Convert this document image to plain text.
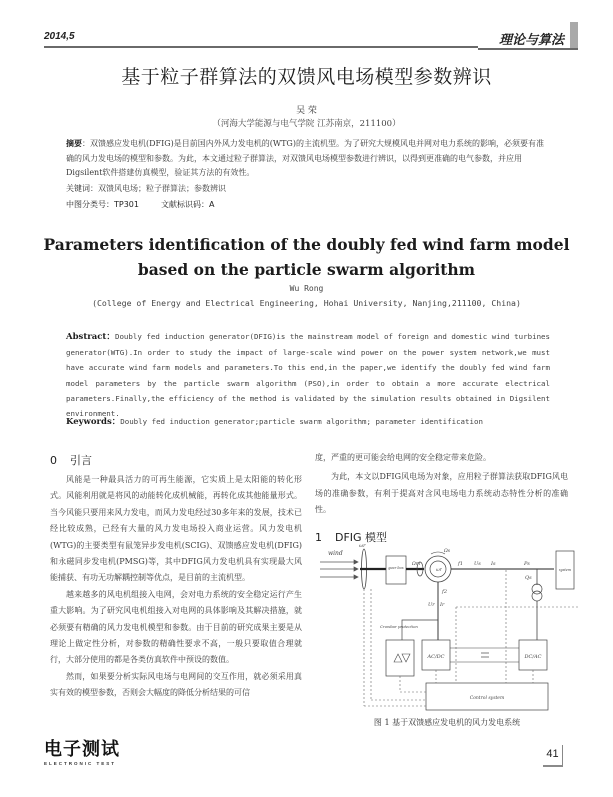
2014,5	理论与算法
基于粒子群算法的双馈风电场模型参数辨识
吴 荣
（河海大学能源与电气学院 江苏南京，211100）
摘要：双馈感应发电机(DFIG)是目前国内外风力发电机的(WTG)的主流机型。为了研究大规模风电并网对电力系统的影响，必须要有准确的风力发电场的模型和参数。为此，本文通过粒子群算法，对双馈风电场模型参数进行辨识，以得到更准确的电气参数，并应用Digsilent软件搭建仿真模型，验证其方法的有效性。
关键词：双馈风电场；粒子群算法；参数辨识
中图分类号：TP301	文献标识码：A
Parameters identification of the doubly fed wind farm model
based on the particle swarm algorithm
Wu Rong
(College of Energy and Electrical Engineering, Hohai University, Nanjing,211100, China)
Abstract：Doubly fed induction generator(DFIG)is the mainstream model of foreign and domestic wind turbines generator(WTG).In order to study the impact of large-scale wind power on the power system network,we must have accurate wind farm models and parameters.To this end,in the paper,we identify the doubly fed wind farm model parameters by the particle swarm algorithm (PSO),in order to obtain a more accurate electrical parameters.Finally,the efficiency of the method is validated by the simulation results obtained in Digsilent environment.
Keywords：Doubly fed induction generator;particle swarm algorithm; parameter identification
0 引言

风能是一种最具活力的可再生能源，它实质上是太阳能的转化形式。风能利用就是将风的动能转化成机械能，再转化成其他能量形式。当今风能只要用来风力发电，而风力发电经过30多年来的发展，技术已经比较成熟，已经有大量的风力发电场投入商业运营。风力发电机(WTG)的主要类型有鼠笼异步发电机(SCIG)、双馈感应发电机(DFIG)和永磁同步发电机(PMSG)等，其中DFIG风力发电机具有实现最大风能捕获、有功无功解耦控制等优点，是目前的主流机型。

越来越多的风电机组接入电网，会对电力系统的安全稳定运行产生重大影响。为了研究风电机组接入对电网的具体影响及其解决措施，就必须要有精确的风力发电机模型和参数。由于目前的研究成果主要是从理论上做定性分析，对参数的精确性要求不高，一般只要取值合理就行，大部分使用的都是各类仿真软件中预设的数值。

然而，如果要分析实际风电场与电网间的交互作用，就必须采用真实有效的模型参数，否则会大幅度的降低分析结果的可信

度，严重的更可能会给电网的安全稳定带来危险。

为此，本文以DFIG风电场为对象，应用粒子群算法获取DFIG风电场的准确参数，有利于提高对含风电场电力系统动态特性分析的准确性。

1 DFIG 模型
wind
ωr
gear box
Ωm
ωr
Ωs
f1 Us Is	Ps
Qs
system
f2
Ur Ir
Crowbar protection
AC/DC	DC/AC
Control system
图 1 基于双馈感应发电机的风力发电系统
电子测试
ELECTRONIC TEST
41
